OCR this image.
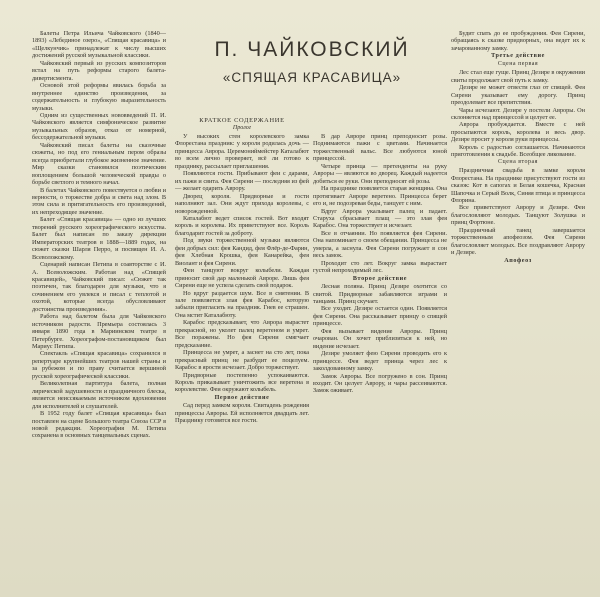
Балеты Петра Ильича Чайковского (1840—1893) «Лебединое озеро», «Спящая красавица» и «Щелкунчик» принадлежат к числу высших достижений русской музыкальной классики.

Чайковский первый из русских композиторов встал на путь реформы старого балета-дивертисмента.

Основой этой реформы явилась борьба за внутреннее единство произведения, за содержательность и глубокую выразительность музыки.

Одним из существенных нововведений П. И. Чайковского является симфоническое развитие музыкальных образов, отказ от номерной, бессодержательной музыки.

Чайковский писал балеты на сказочные сюжеты, но под его гениальным пером образы всегда приобретали глубокое жизненное значение. Мир сказки становился поэтическим воплощением большой человеческой правды о борьбе светлого и темного начал.

В балетах Чайковского повествуется о любви и верности, о торжестве добра и света над злом. В этом сила и притягательность его произведений, их непреходящее значение.

Балет «Спящая красавица» — одно из лучших творений русского хореографического искусства. Балет был написан по заказу дирекции Императорских театров в 1888—1889 годах, на сюжет сказки Шарля Перро, и посвящен И. А. Всеволожскому.

Сценарий написан Петипа в соавторстве с И. А. Всеволожским. Работая над «Спящей красавицей», Чайковский писал: «Сюжет так поэтичен, так благодарен для музыки, что я сочинением его увлекся и писал с теплотой и охотой, которые всегда обусловливают достоинства произведения».

Работа над балетом была для Чайковского источником радости. Премьера состоялась 3 января 1890 года в Мариинском театре в Петербурге. Хореографом-постановщиком был Мариус Петипа.

Спектакль «Спящая красавица» сохранился в репертуаре крупнейших театров нашей страны и за рубежом и по праву считается вершиной русской хореографической классики.

Великолепная партитура балета, полная лирической задушевности и праздничного блеска, является неиссякаемым источником вдохновения для исполнителей и слушателей.

В 1952 году балет «Спящая красавица» был поставлен на сцене Большого театра Союза ССР в новой редакции. Хореография М. Петипа сохранена в основных танцевальных сценах.

П. ЧАЙКОВСКИЙ
«СПЯЩАЯ КРАСАВИЦА»
КРАТКОЕ СОДЕРЖАНИЕ
Пролог

У высоких стен королевского замка Флорестана праздник: у короля родилась дочь — принцесса Аврора. Церемониймейстер Каталабют во всем лично проверяет, всё ли готово к празднику, рассылает приглашения.

Появляются гости. Прибывают феи с дарами, их пажи и свита. Фея Сирени — последняя из фей — желает одарить Аврору.

Дворец короля. Придворные и гости наполняют зал. Они ждут прихода королевы, с новорожденной.

Каталабют ведет список гостей. Вот входят король и королева. Их приветствуют все. Король благодарит гостей за доброту.

Под звуки торжественной музыки являются феи добрых сил: фея Кандид, фея Флёр-де-Фарин, фея Хлебная Крошка, фея Канарейка, фея Виолант и фея Сирени.

Феи танцуют вокруг колыбели. Каждая приносит свой дар маленькой Авроре. Лишь фея Сирени еще не успела сделать свой подарок.

Но вдруг раздается шум. Все в смятении. В зале появляется злая фея Карабос, которую забыли пригласить на праздник. Гнев ее страшен. Она мстит Каталабюту.

Карабос предсказывает, что Аврора вырастет прекрасной, но уколет палец веретеном и умрет. Все поражены. Но фея Сирени смягчает предсказание.

Принцесса не умрет, а заснет на сто лет, пока прекрасный принц не разбудит ее поцелуем. Карабос в ярости исчезает. Добро торжествует.

Придворные постепенно успокаиваются. Король приказывает уничтожить все веретена в королевстве. Феи окружают колыбель.

Первое действие

Сад перед замком короля. Свитадень рождения принцессы Авроры. Ей исполняется двадцать лет. Празднику готовятся все гости.

В дар Авроре принц преподносит розы. Поднимаются пажи с цветами. Начинается торжественный вальс. Все любуются юной принцессой.

Четыре принца — претенденты на руку Авроры — являются во дворец. Каждый надеется добиться ее руки. Они преподносят ей розы.

На празднике появляется старая женщина. Она протягивает Авроре веретено. Принцесса берет его и, не подозревая беды, танцует с ним.

Вдруг Аврора укалывает палец и падает. Старуха сбрасывает плащ — это злая фея Карабос. Она торжествует и исчезает.

Все в отчаянии. Но появляется фея Сирени. Она напоминает о своем обещании. Принцесса не умерла, а заснула. Фея Сирени погружает в сон весь замок.

Проходит сто лет. Вокруг замка вырастает густой непроходимый лес.

Второе действие

Лесная поляна. Принц Дезире охотится со свитой. Придворные забавляются играми и танцами. Принц скучает.

Все уходят. Дезире остается один. Появляется фея Сирени. Она рассказывает принцу о спящей принцессе.

Фея вызывает видение Авроры. Принц очарован. Он хочет приблизиться к ней, но видение исчезает.

Дезире умоляет фею Сирени проводить его к принцессе. Фея ведет принца через лес к заколдованному замку.

Замок Авроры. Все погружено в сон. Принц входит. Он целует Аврору, и чары рассеиваются. Замок оживает.

Будит спать до ее пробуждения. Фея Сирени, обращаясь к сказке придворных, она ведет их к зачарованному замку.

Третье действие

Сцена первая

Лес стал еще гуще. Принц Дезире в окружении свиты продолжает свой путь к замку.

Дезире не может отвести глаз от спящей. Фея Сирени указывает ему дорогу. Принц преодолевает все препятствия.

Чары исчезают. Дезире у постели Авроры. Он склоняется над принцессой и целует ее.

Аврора пробуждается. Вместе с ней просыпаются король, королева и весь двор. Дезире просит у короля руки принцессы.

Король с радостью соглашается. Начинаются приготовления к свадьбе. Всеобщее ликование.

Сцена вторая

Праздничная свадьба в замке короля Флорестана. На празднике присутствуют гости из сказок: Кот в сапогах и Белая кошечка, Красная Шапочка и Серый Волк, Синяя птица и принцесса Флорина.

Все приветствуют Аврору и Дезире. Феи благословляют молодых. Танцуют Золушка и принц Фортюне.

Праздничный танец завершается торжественным апофеозом. Фея Сирени благословляет молодых. Все поздравляют Аврору и Дезире.

Апофеоз
